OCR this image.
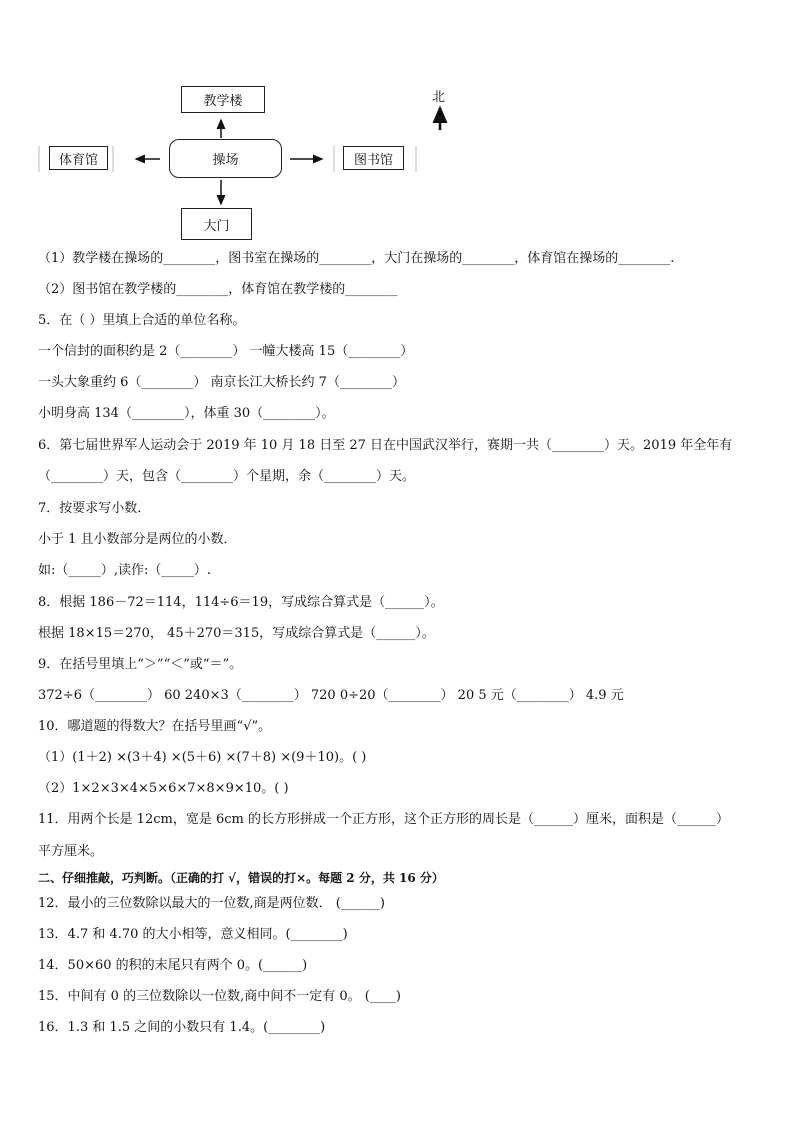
北
教学楼
操场
体育馆	图书馆
大门
（1）教学楼在操场的________，图书室在操场的________，大门在操场的________，体育馆在操场的________.
（2）图书馆在教学楼的________，体育馆在教学楼的________
5．在（ ）里填上合适的单位名称。
一个信封的面积约是 2（________） 一幢大楼高 15（________）
一头大象重约 6（________） 南京长江大桥长约 7（________）
小明身高 134（________），体重 30（________）。
6．第七届世界军人运动会于 2019 年 10 月 18 日至 27 日在中国武汉举行，赛期一共（________）天。2019 年全年有
（________）天，包含（________）个星期，余（________）天。
7．按要求写小数．
小于 1 且小数部分是两位的小数．
如:（_____）,读作:（_____）.
8．根据 186－72＝114，114÷6＝19，写成综合算式是（______）。
根据 18×15＝270， 45＋270＝315，写成综合算式是（______）。
9．在括号里填上“＞”“＜”或“＝”。
372÷6（________） 60 240×3（________） 720 0÷20（________） 20 5 元（________） 4.9 元
10．哪道题的得数大？在括号里画“√”。
（1）(1＋2) ×(3＋4) ×(5＋6) ×(7＋8) ×(9＋10)。( )
（2）1×2×3×4×5×6×7×8×9×10。( )
11．用两个长是 12cm，宽是 6cm 的长方形拼成一个正方形，这个正方形的周长是（______）厘米，面积是（______）
平方厘米。
二、仔细推敲，巧判断。（正确的打 √，错误的打×。每题 2 分，共 16 分）
12．最小的三位数除以最大的一位数,商是两位数． (______)
13．4.7 和 4.70 的大小相等，意义相同。(________)
14．50×60 的积的末尾只有两个 0。(______)
15．中间有 0 的三位数除以一位数,商中间不一定有 0。 (____)
16．1.3 和 1.5 之间的小数只有 1.4。(________)
